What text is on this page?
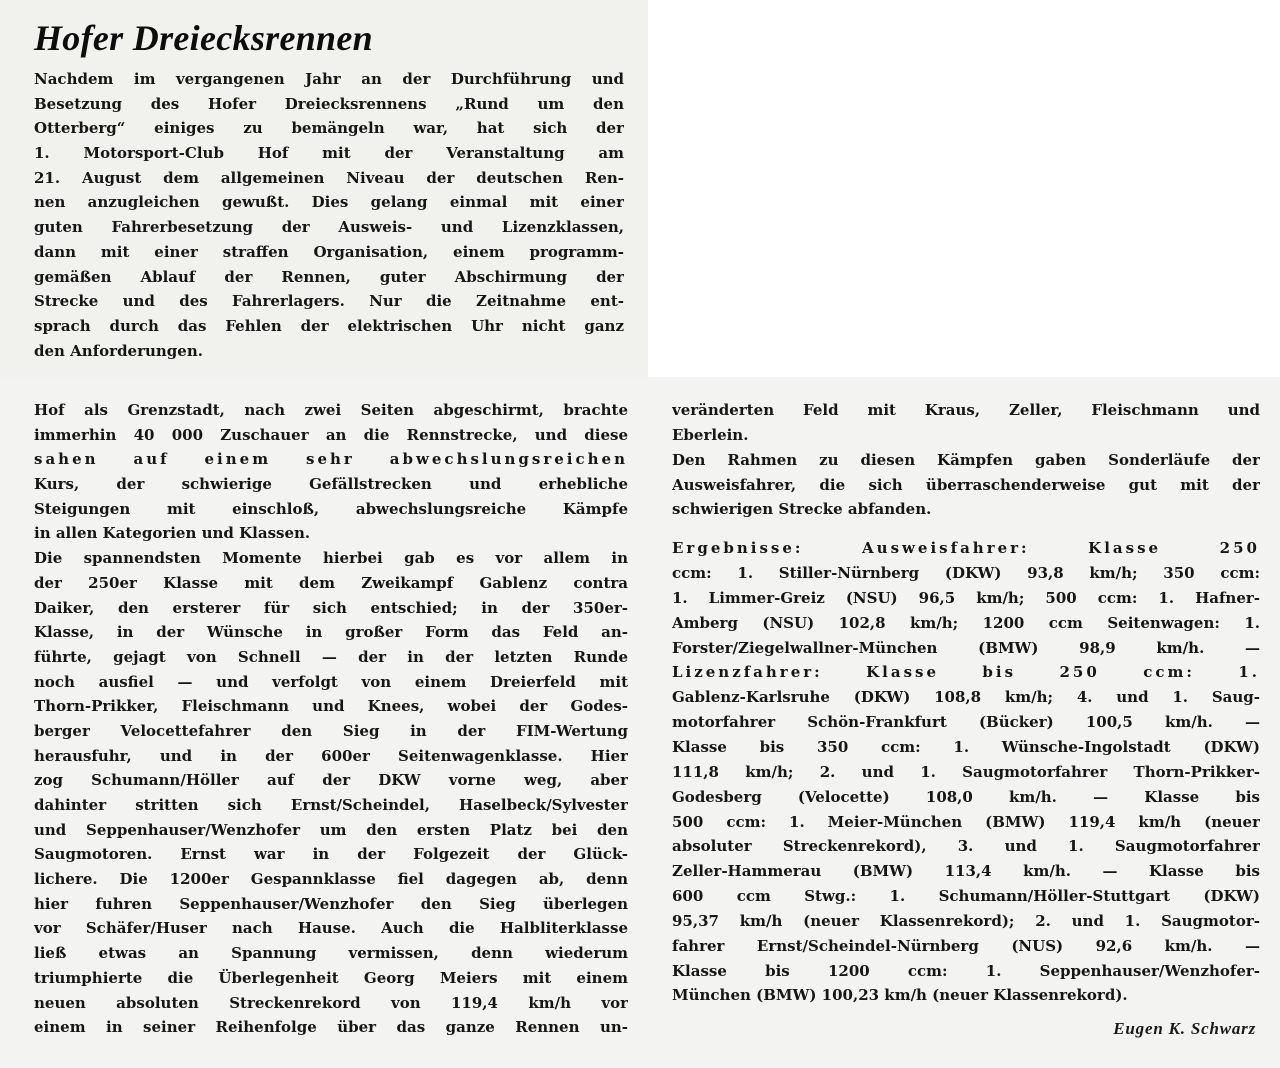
Hofer Dreiecksrennen
Nachdem im vergangenen Jahr an der Durchführung und
Besetzung des Hofer Dreiecksrennens „Rund um den
Otterberg“ einiges zu bemängeln war, hat sich der
1. Motorsport-Club Hof mit der Veranstaltung am
21. August dem allgemeinen Niveau der deutschen Ren-
nen anzugleichen gewußt. Dies gelang einmal mit einer
guten Fahrerbesetzung der Ausweis- und Lizenzklassen,
dann mit einer straffen Organisation, einem programm-
gemäßen Ablauf der Rennen, guter Abschirmung der
Strecke und des Fahrerlagers. Nur die Zeitnahme ent-
sprach durch das Fehlen der elektrischen Uhr nicht ganz
den Anforderungen.
Hof als Grenzstadt, nach zwei Seiten abgeschirmt, brachte
immerhin 40 000 Zuschauer an die Rennstrecke, und diese
sahen auf einem sehr abwechslungsreichen
Kurs, der schwierige Gefällstrecken und erhebliche
Steigungen mit einschloß, abwechslungsreiche Kämpfe
in allen Kategorien und Klassen.
Die spannendsten Momente hierbei gab es vor allem in
der 250er Klasse mit dem Zweikampf Gablenz contra
Daiker, den ersterer für sich entschied; in der 350er-
Klasse, in der Wünsche in großer Form das Feld an-
führte, gejagt von Schnell — der in der letzten Runde
noch ausfiel — und verfolgt von einem Dreierfeld mit
Thorn-Prikker, Fleischmann und Knees, wobei der Godes-
berger Velocettefahrer den Sieg in der FIM-Wertung
herausfuhr, und in der 600er Seitenwagenklasse. Hier
zog Schumann/Höller auf der DKW vorne weg, aber
dahinter stritten sich Ernst/Scheindel, Haselbeck/Sylvester
und Seppenhauser/Wenzhofer um den ersten Platz bei den
Saugmotoren. Ernst war in der Folgezeit der Glück-
lichere. Die 1200er Gespannklasse fiel dagegen ab, denn
hier fuhren Seppenhauser/Wenzhofer den Sieg überlegen
vor Schäfer/Huser nach Hause. Auch die Halbliterklasse
ließ etwas an Spannung vermissen, denn wiederum
triumphierte die Überlegenheit Georg Meiers mit einem
neuen absoluten Streckenrekord von 119,4 km/h vor
einem in seiner Reihenfolge über das ganze Rennen un-
veränderten Feld mit Kraus, Zeller, Fleischmann und
Eberlein.
Den Rahmen zu diesen Kämpfen gaben Sonderläufe der
Ausweisfahrer, die sich überraschenderweise gut mit der
schwierigen Strecke abfanden.
Ergebnisse: Ausweisfahrer: Klasse 250
ccm: 1. Stiller-Nürnberg (DKW) 93,8 km/h; 350 ccm:
1. Limmer-Greiz (NSU) 96,5 km/h; 500 ccm: 1. Hafner-
Amberg (NSU) 102,8 km/h; 1200 ccm Seitenwagen: 1.
Forster/Ziegelwallner-München (BMW) 98,9 km/h. —
Lizenzfahrer: Klasse bis 250 ccm: 1.
Gablenz-Karlsruhe (DKW) 108,8 km/h; 4. und 1. Saug-
motorfahrer Schön-Frankfurt (Bücker) 100,5 km/h. —
Klasse bis 350 ccm: 1. Wünsche-Ingolstadt (DKW)
111,8 km/h; 2. und 1. Saugmotorfahrer Thorn-Prikker-
Godesberg (Velocette) 108,0 km/h. — Klasse bis
500 ccm: 1. Meier-München (BMW) 119,4 km/h (neuer
absoluter Streckenrekord), 3. und 1. Saugmotorfahrer
Zeller-Hammerau (BMW) 113,4 km/h. — Klasse bis
600 ccm Stwg.: 1. Schumann/Höller-Stuttgart (DKW)
95,37 km/h (neuer Klassenrekord); 2. und 1. Saugmotor-
fahrer Ernst/Scheindel-Nürnberg (NUS) 92,6 km/h. —
Klasse bis 1200 ccm: 1. Seppenhauser/Wenzhofer-
München (BMW) 100,23 km/h (neuer Klassenrekord).
Eugen K. Schwarz
